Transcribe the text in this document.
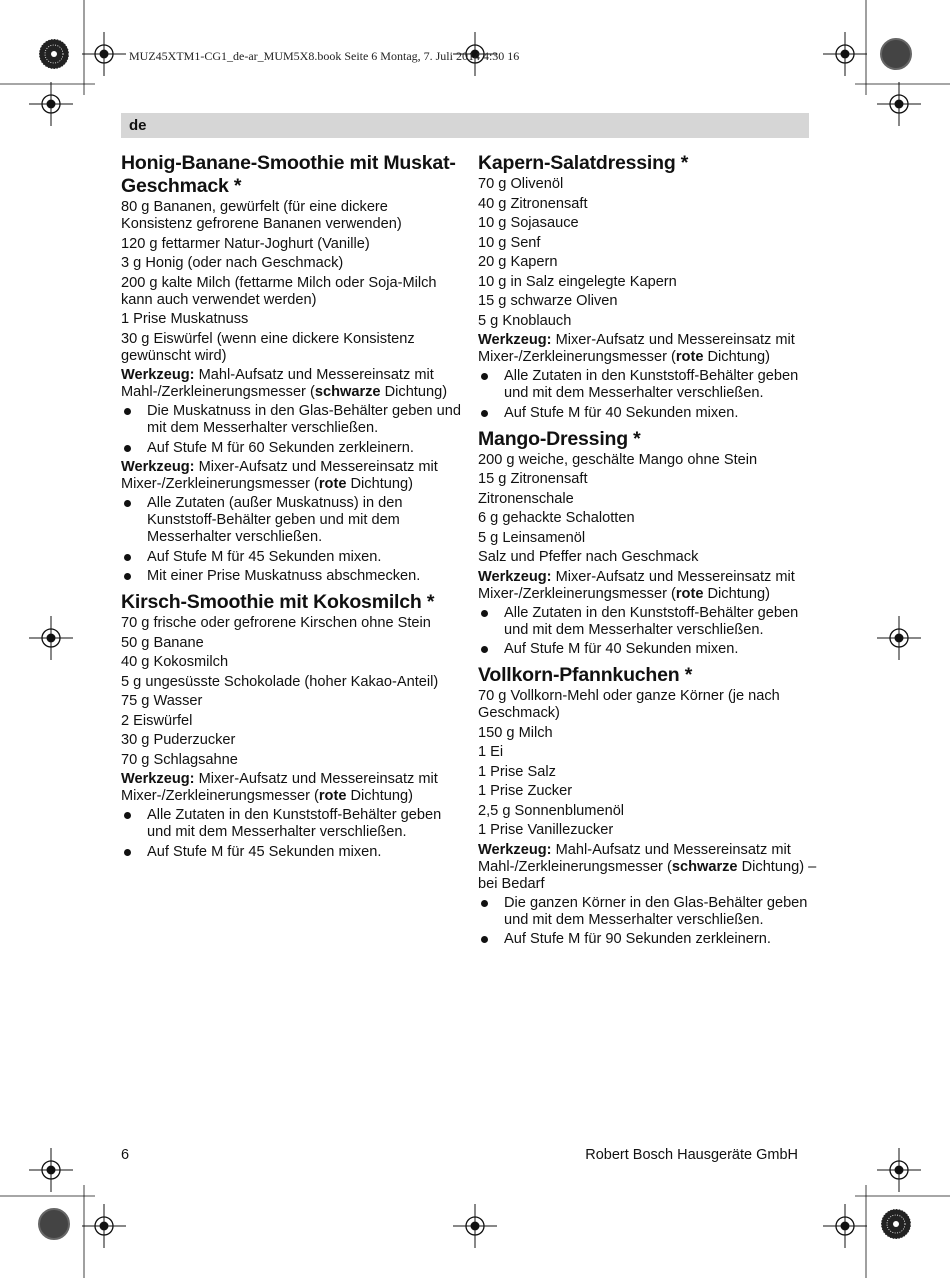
MUZ45XTM1-CG1_de-ar_MUM5X8.book Seite 6 Montag, 7. Juli 2014 4:30 16
de
Honig-Banane-Smoothie mit Muskat-Geschmack *
80 g Bananen, gewürfelt (für eine dickere Konsistenz gefrorene Bananen verwenden)
120 g fettarmer Natur-Joghurt (Vanille)
3 g Honig (oder nach Geschmack)
200 g kalte Milch (fettarme Milch oder Soja-Milch kann auch verwendet werden)
1 Prise Muskatnuss
30 g Eiswürfel (wenn eine dickere Konsistenz gewünscht wird)
Werkzeug: Mahl-Aufsatz und Messereinsatz mit Mahl-/Zerkleinerungsmesser (schwarze Dichtung)
Die Muskatnuss in den Glas-Behälter geben und mit dem Messerhalter verschließen.
Auf Stufe M für 60 Sekunden zerkleinern.
Werkzeug: Mixer-Aufsatz und Messereinsatz mit Mixer-/Zerkleinerungsmesser (rote Dichtung)
Alle Zutaten (außer Muskatnuss) in den Kunststoff-Behälter geben und mit dem Messerhalter verschließen.
Auf Stufe M für 45 Sekunden mixen.
Mit einer Prise Muskatnuss abschmecken.
Kirsch-Smoothie mit Kokosmilch *
70 g frische oder gefrorene Kirschen ohne Stein
50 g Banane
40 g Kokosmilch
5 g ungesüsste Schokolade (hoher Kakao-Anteil)
75 g Wasser
2 Eiswürfel
30 g Puderzucker
70 g Schlagsahne
Werkzeug: Mixer-Aufsatz und Messereinsatz mit Mixer-/Zerkleinerungsmesser (rote Dichtung)
Alle Zutaten in den Kunststoff-Behälter geben und mit dem Messerhalter verschließen.
Auf Stufe M für 45 Sekunden mixen.
Kapern-Salatdressing *
70 g Olivenöl
40 g Zitronensaft
10 g Sojasauce
10 g Senf
20 g Kapern
10 g in Salz eingelegte Kapern
15 g schwarze Oliven
5 g Knoblauch
Werkzeug: Mixer-Aufsatz und Messereinsatz mit Mixer-/Zerkleinerungsmesser (rote Dichtung)
Alle Zutaten in den Kunststoff-Behälter geben und mit dem Messerhalter verschließen.
Auf Stufe M für 40 Sekunden mixen.
Mango-Dressing *
200 g weiche, geschälte Mango ohne Stein
15 g Zitronensaft
Zitronenschale
6 g gehackte Schalotten
5 g Leinsamenöl
Salz und Pfeffer nach Geschmack
Werkzeug: Mixer-Aufsatz und Messereinsatz mit Mixer-/Zerkleinerungsmesser (rote Dichtung)
Alle Zutaten in den Kunststoff-Behälter geben und mit dem Messerhalter verschließen.
Auf Stufe M für 40 Sekunden mixen.
Vollkorn-Pfannkuchen *
70 g Vollkorn-Mehl oder ganze Körner (je nach Geschmack)
150 g Milch
1 Ei
1 Prise Salz
1 Prise Zucker
2,5 g Sonnenblumenöl
1 Prise Vanillezucker
Werkzeug: Mahl-Aufsatz und Messereinsatz mit Mahl-/Zerkleinerungsmesser (schwarze Dichtung) – bei Bedarf
Die ganzen Körner in den Glas-Behälter geben und mit dem Messerhalter verschließen.
Auf Stufe M für 90 Sekunden zerkleinern.
6	Robert Bosch Hausgeräte GmbH
